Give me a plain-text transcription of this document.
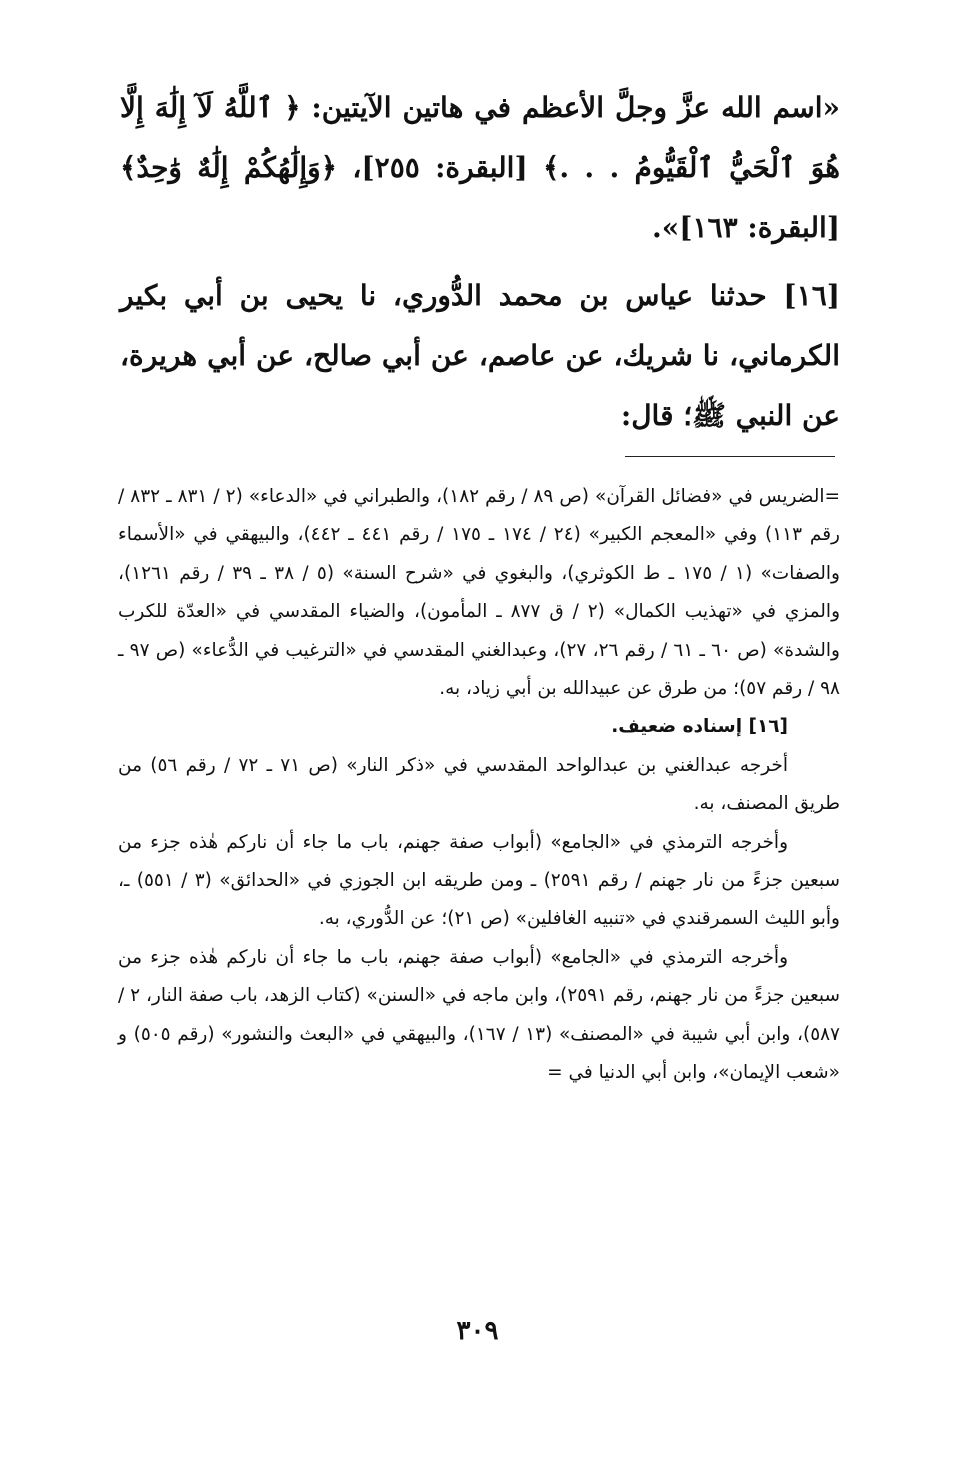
«اسم الله عزَّ وجلَّ الأعظم في هاتين الآيتين: ﴿ ٱللَّهُ لَآ إِلَٰهَ إِلَّا هُوَ ٱلْحَيُّ ٱلْقَيُّومُ . . .﴾ [البقرة: ٢٥٥]، ﴿وَإِلَٰهُكُمْ إِلَٰهٌ وَٰحِدٌ﴾ [البقرة: ١٦٣]».

[١٦] حدثنا عياس بن محمد الدُّوري، نا يحيى بن أبي بكير الكرماني، نا شريك، عن عاصم، عن أبي صالح، عن أبي هريرة، عن النبي ﷺ؛ قال:

=الضريس في «فضائل القرآن» (ص ٨٩ / رقم ١٨٢)، والطبراني في «الدعاء» (٢ / ٨٣١ ـ ٨٣٢ / رقم ١١٣) وفي «المعجم الكبير» (٢٤ / ١٧٤ ـ ١٧٥ / رقم ٤٤١ ـ ٤٤٢)، والبيهقي في «الأسماء والصفات» (١ / ١٧٥ ـ ط الكوثري)، والبغوي في «شرح السنة» (٥ / ٣٨ ـ ٣٩ / رقم ١٢٦١)، والمزي في «تهذيب الكمال» (٢ / ق ٨٧٧ ـ المأمون)، والضياء المقدسي في «العدّة للكرب والشدة» (ص ٦٠ ـ ٦١ / رقم ٢٦، ٢٧)، وعبدالغني المقدسي في «الترغيب في الدُّعاء» (ص ٩٧ ـ ٩٨ / رقم ٥٧)؛ من طرق عن عبيدالله بن أبي زياد، به.

[١٦] إسناده ضعيف.

أخرجه عبدالغني بن عبدالواحد المقدسي في «ذكر النار» (ص ٧١ ـ ٧٢ / رقم ٥٦) من طريق المصنف، به.

وأخرجه الترمذي في «الجامع» (أبواب صفة جهنم، باب ما جاء أن ناركم هٰذه جزء من سبعين جزءً من نار جهنم / رقم ٢٥٩١) ـ ومن طريقه ابن الجوزي في «الحدائق» (٣ / ٥٥١) ـ، وأبو الليث السمرقندي في «تنبيه الغافلين» (ص ٢١)؛ عن الدُّوري، به.

وأخرجه الترمذي في «الجامع» (أبواب صفة جهنم، باب ما جاء أن ناركم هٰذه جزء من سبعين جزءً من نار جهنم، رقم ٢٥٩١)، وابن ماجه في «السنن» (كتاب الزهد، باب صفة النار، ٢ / ٥٨٧)، وابن أبي شيبة في «المصنف» (١٣ / ١٦٧)، والبيهقي في «البعث والنشور» (رقم ٥٠٥) و «شعب الإيمان»، وابن أبي الدنيا في =

٣٠٩
